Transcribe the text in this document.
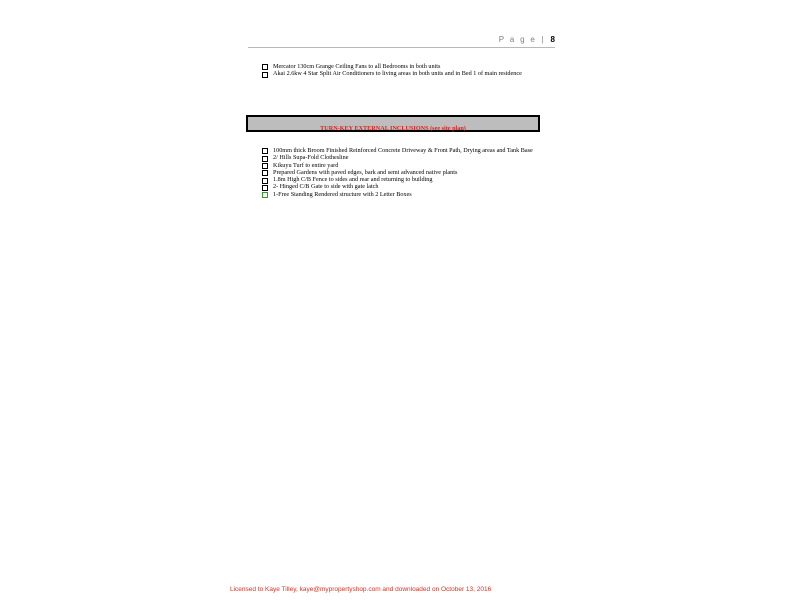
P a g e | 8
Mercator 130cm Grange Ceiling Fans to all Bedrooms in both units
Akai 2.6kw 4 Star Split Air Conditioners to living areas in both units and in Bed 1 of main residence
TURN-KEY EXTERNAL INCLUSIONS (see site plan)
100mm thick Broom Finished Reinforced Concrete Driveway & Front Path, Drying areas and Tank Base
2/ Hills Supa-Fold Clothesline
Kikuyu Turf to entire yard
Prepared Gardens with paved edges, bark and semi advanced native plants
1.8m High C/B Fence to sides and rear and returning to building
2- Hinged C/B Gate to side with gate latch
1-Free Standing Rendered structure with 2 Letter Boxes
Licensed to Kaye Tilley, kaye@mypropertyshop.com and downloaded on October 13, 2016
